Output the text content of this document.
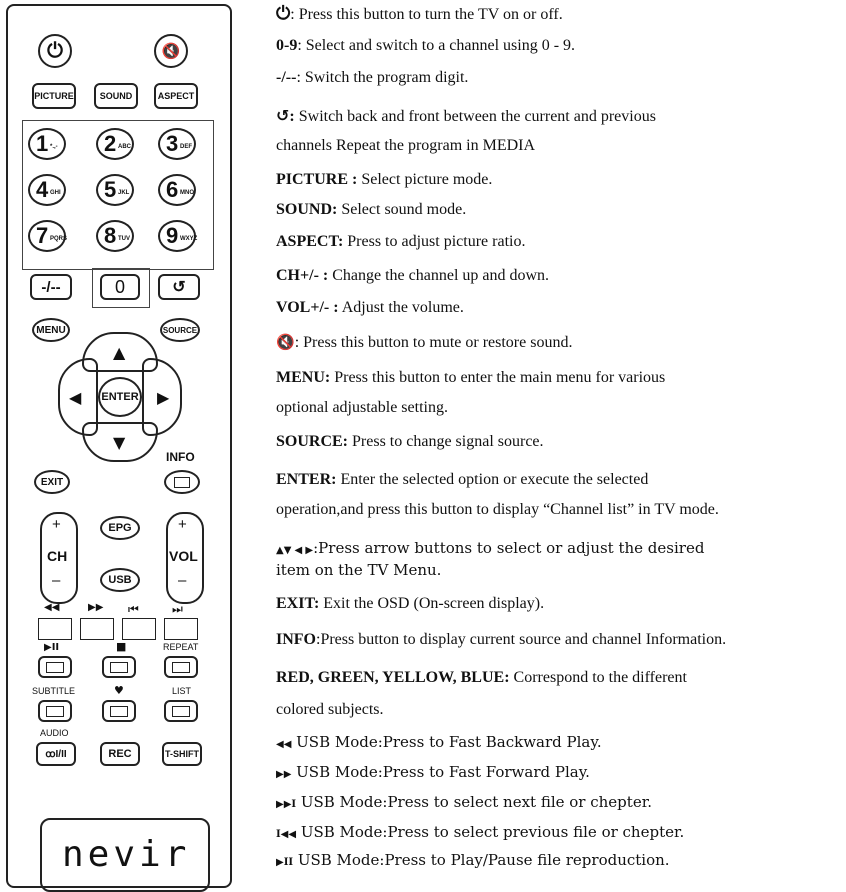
⏻	🔇
PICTURE	SOUND	ASPECT
1 *.,- 2 ABC 3 DEF
4 GHI 5 JKL 6 MNO
7 PQRS 8 TUV 9 WXYZ
-/--	0	↺
MENU	SOURCE
▲
▼
◀	▶
ENTER
INFO
EXIT
+
CH
–
+
VOL
–
EPG
USB
◀◀	▶▶ ⏮	⏭
▶II	■	REPEAT
SUBTITLE	♥	LIST
AUDIO
ꝏI/II	REC	T-SHIFT
nevir
⏻: Press this button to turn the TV on or off.
0-9: Select and switch to a channel using 0 - 9.
-/--: Switch the program digit.
↺: Switch back and front between the current and previous
channels Repeat the program in MEDIA
PICTURE : Select picture mode.
SOUND: Select sound mode.
ASPECT: Press to adjust picture ratio.
CH+/- : Change the channel up and down.
VOL+/- : Adjust the volume.
🔇: Press this button to mute or restore sound.
MENU: Press this button to enter the main menu for various
optional adjustable setting.
SOURCE: Press to change signal source.
ENTER: Enter the selected option or execute the selected
operation,and press this button to display “Channel list” in TV mode.
▲▼ ◀ ▶:Press arrow buttons to select or adjust the desired
item on the TV Menu.
EXIT: Exit the OSD (On-screen display).
INFO:Press button to display current source and channel Information.
RED, GREEN, YELLOW, BLUE: Correspond to the different
colored subjects.
◀◀ USB Mode:Press to Fast Backward Play.
▶▶ USB Mode:Press to Fast Forward Play.
▶▶I USB Mode:Press to select next file or chepter.
I◀◀ USB Mode:Press to select previous file or chepter.
▶II USB Mode:Press to Play/Pause file reproduction.
